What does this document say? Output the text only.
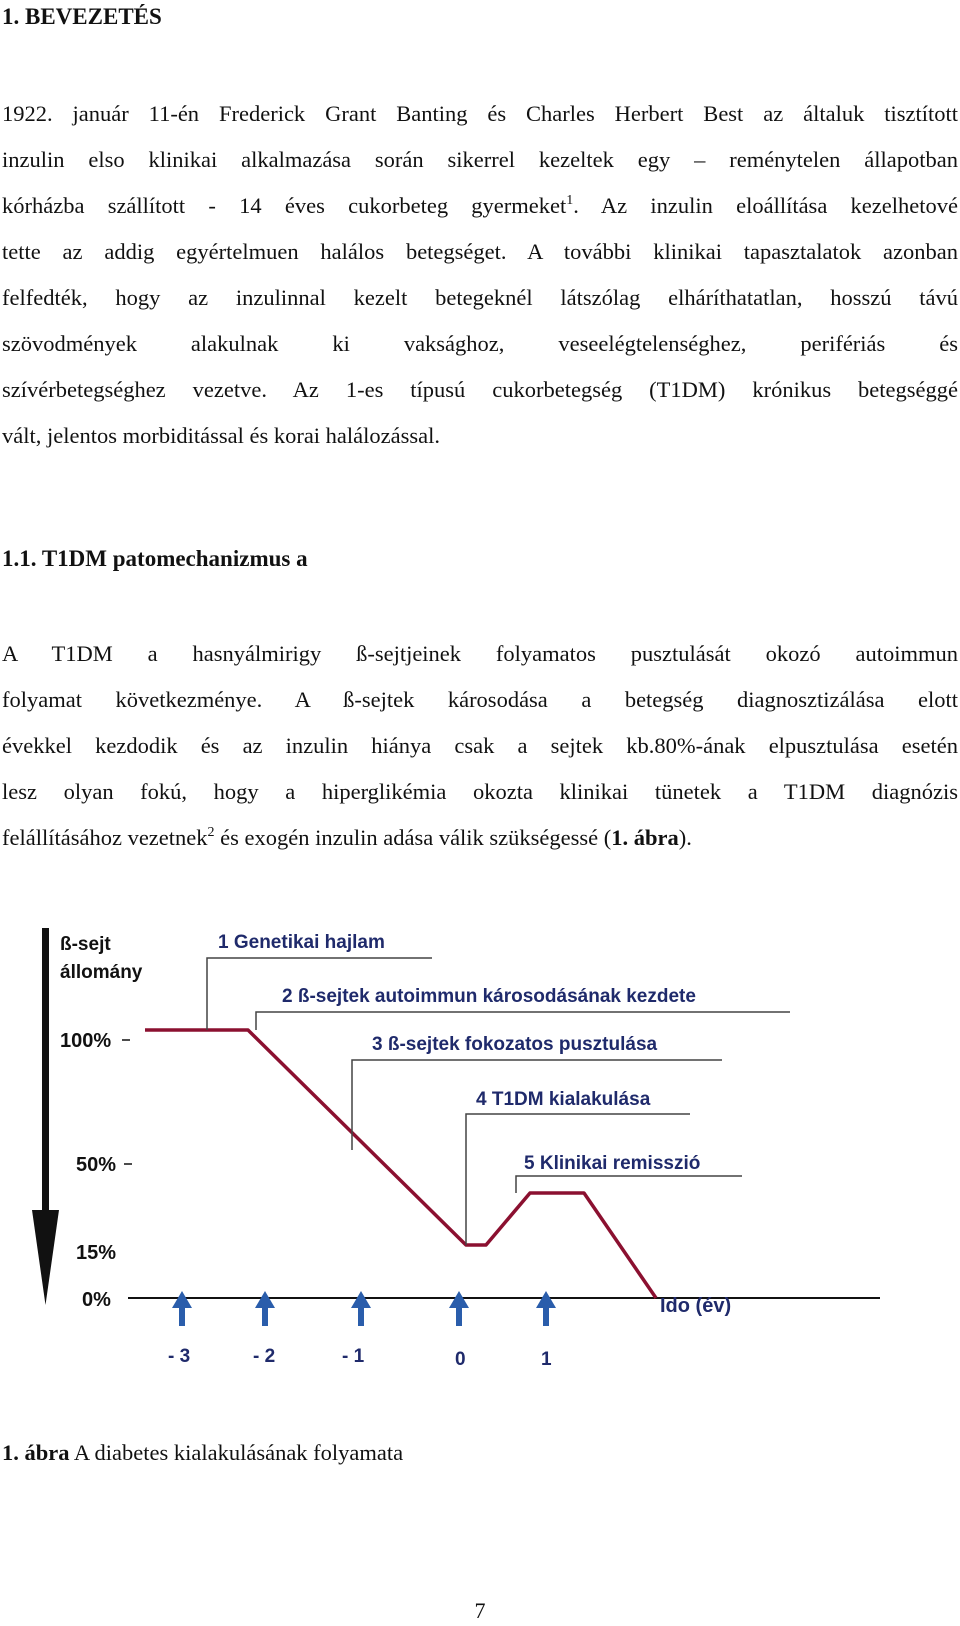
1. BEVEZETÉS
1922. január 11-én Frederick Grant Banting és Charles Herbert Best az általuk tisztított
inzulin elso klinikai alkalmazása során sikerrel kezeltek egy – reménytelen állapotban
kórházba szállított - 14 éves cukorbeteg gyermeket$^1$. Az inzulin eloállítása kezelhetové
tette az addig egyértelmuen halálos betegséget. A további klinikai tapasztalatok azonban
felfedték, hogy az inzulinnal kezelt betegeknél látszólag elháríthatatlan, hosszú távú
szövodmények alakulnak ki vaksághoz, veseelégtelenséghez, perifériás és
szívérbetegséghez vezetve. Az 1-es típusú cukorbetegség (T1DM) krónikus betegséggé
vált, jelentos morbiditással és korai halálozással.
1.1. T1DM patomechanizmus a
A T1DM a hasnyálmirigy ß-sejtjeinek folyamatos pusztulását okozó autoimmun
folyamat következménye. A ß-sejtek károsodása a betegség diagnosztizálása elott
évekkel kezdodik és az inzulin hiánya csak a sejtek kb.80%-ának elpusztulása esetén
lesz olyan fokú, hogy a hiperglikémia okozta klinikai tünetek a T1DM diagnózis
felállításához vezetnek$^2$ és exogén inzulin adása válik szükségessé (1. ábra).
ß-sejt
állomány
100%
50%
15%
0%
1 Genetikai hajlam
2 ß-sejtek autoimmun károsodásának kezdete
3 ß-sejtek fokozatos pusztulása
4 T1DM kialakulása
5 Klinikai remisszió
- 3	- 2	- 1	0	1
Ido (év)
1. ábra A diabetes kialakulásának folyamata
7
